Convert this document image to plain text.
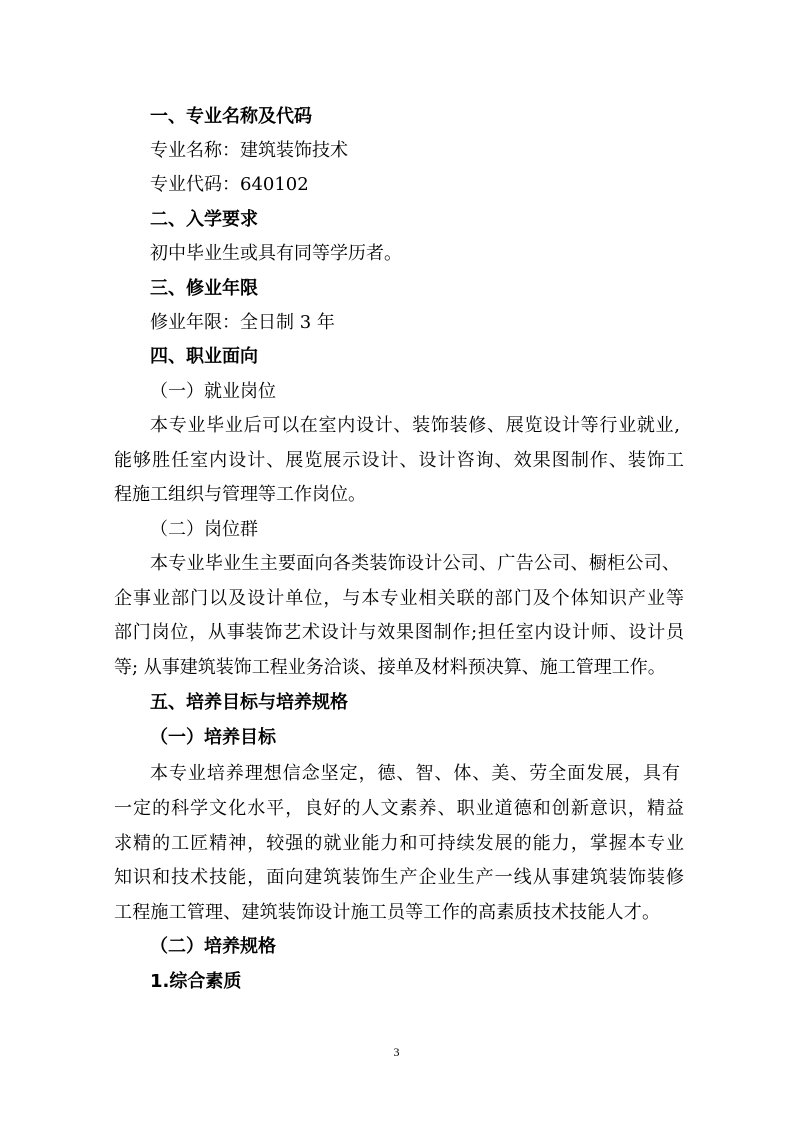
一、专业名称及代码
专业名称：建筑装饰技术
专业代码：640102
二、入学要求
初中毕业生或具有同等学历者。
三、修业年限
修业年限：全日制 3 年
四、职业面向
（一）就业岗位
本专业毕业后可以在室内设计、装饰装修、展览设计等行业就业,
能够胜任室内设计、展览展示设计、设计咨询、效果图制作、装饰工
程施工组织与管理等工作岗位。
（二）岗位群
本专业毕业生主要面向各类装饰设计公司、广告公司、橱柜公司、
企事业部门以及设计单位，与本专业相关联的部门及个体知识产业等
部门岗位，从事装饰艺术设计与效果图制作;担任室内设计师、设计员
等; 从事建筑装饰工程业务洽谈、接单及材料预决算、施工管理工作。
五、培养目标与培养规格
（一）培养目标
本专业培养理想信念坚定，德、智、体、美、劳全面发展，具有
一定的科学文化水平，良好的人文素养、职业道德和创新意识，精益
求精的工匠精神，较强的就业能力和可持续发展的能力，掌握本专业
知识和技术技能，面向建筑装饰生产企业生产一线从事建筑装饰装修
工程施工管理、建筑装饰设计施工员等工作的高素质技术技能人才。
（二）培养规格
1.综合素质
3
